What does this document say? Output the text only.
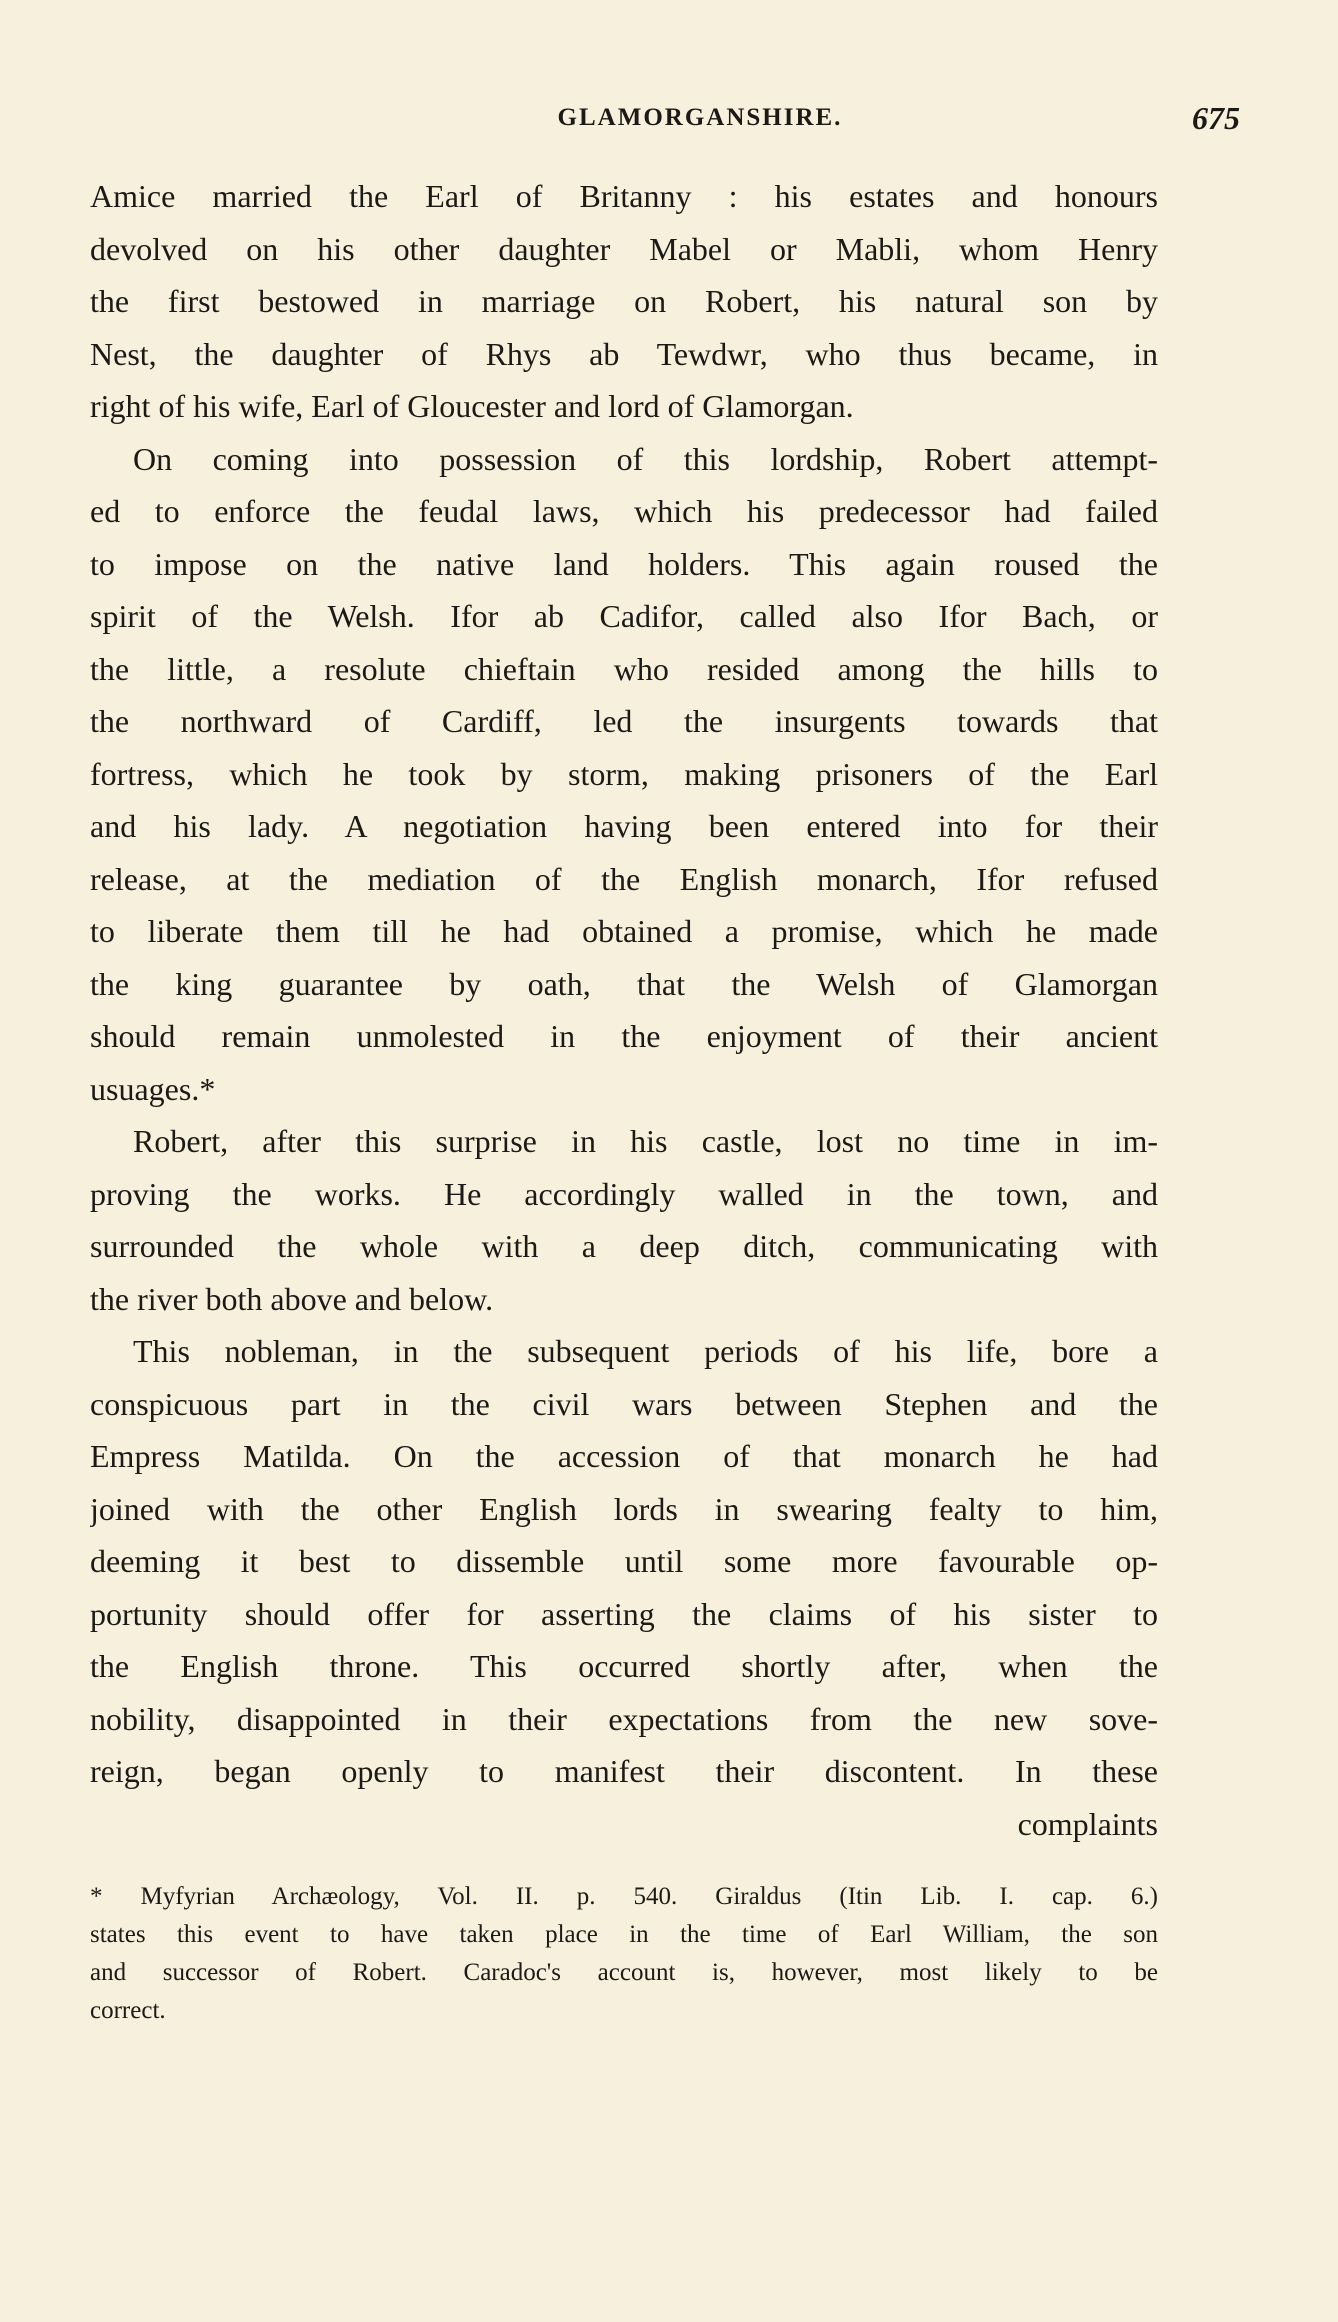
GLAMORGANSHIRE.	675
Amice married the Earl of Britanny : his estates and honours
devolved on his other daughter Mabel or Mabli, whom Henry
the first bestowed in marriage on Robert, his natural son by
Nest, the daughter of Rhys ab Tewdwr, who thus became, in
right of his wife, Earl of Gloucester and lord of Glamorgan.
On coming into possession of this lordship, Robert attempt-
ed to enforce the feudal laws, which his predecessor had failed
to impose on the native land holders. This again roused the
spirit of the Welsh. Ifor ab Cadifor, called also Ifor Bach, or
the little, a resolute chieftain who resided among the hills to
the northward of Cardiff, led the insurgents towards that
fortress, which he took by storm, making prisoners of the Earl
and his lady. A negotiation having been entered into for their
release, at the mediation of the English monarch, Ifor refused
to liberate them till he had obtained a promise, which he made
the king guarantee by oath, that the Welsh of Glamorgan
should remain unmolested in the enjoyment of their ancient
usuages.*
Robert, after this surprise in his castle, lost no time in im-
proving the works. He accordingly walled in the town, and
surrounded the whole with a deep ditch, communicating with
the river both above and below.
This nobleman, in the subsequent periods of his life, bore a
conspicuous part in the civil wars between Stephen and the
Empress Matilda. On the accession of that monarch he had
joined with the other English lords in swearing fealty to him,
deeming it best to dissemble until some more favourable op-
portunity should offer for asserting the claims of his sister to
the English throne. This occurred shortly after, when the
nobility, disappointed in their expectations from the new sove-
reign, began openly to manifest their discontent. In these
complaints
* Myfyrian Archæology, Vol. II. p. 540. Giraldus (Itin Lib. I. cap. 6.)
states this event to have taken place in the time of Earl William, the son
and successor of Robert. Caradoc's account is, however, most likely to be
correct.
